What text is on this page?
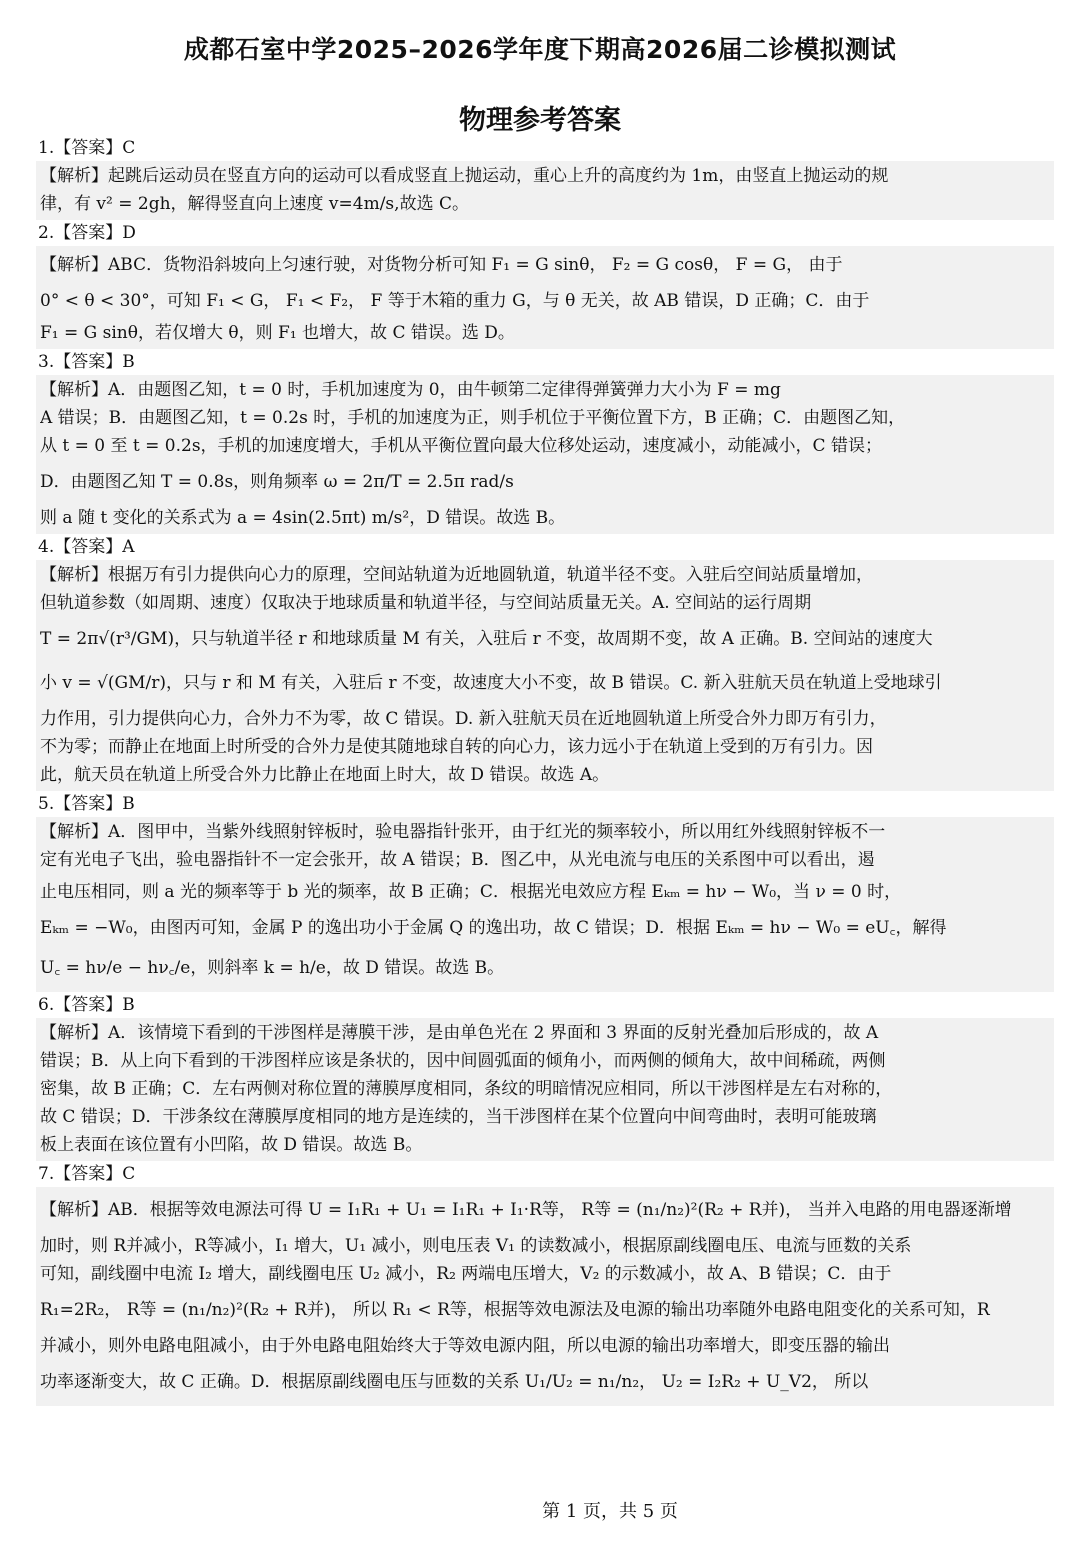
成都石室中学2025–2026学年度下期高2026届二诊模拟测试
物理参考答案
1.【答案】C

【解析】起跳后运动员在竖直方向的运动可以看成竖直上抛运动，重心上升的高度约为 1m，由竖直上抛运动的规

律，有 v² = 2gh，解得竖直向上速度 v=4m/s,故选 C。

2.【答案】D

【解析】ABC．货物沿斜坡向上匀速行驶，对货物分析可知 F₁ = G sinθ， F₂ = G cosθ， F = G， 由于

0° < θ < 30°，可知 F₁ < G， F₁ < F₂， F 等于木箱的重力 G，与 θ 无关，故 AB 错误，D 正确；C．由于

F₁ = G sinθ，若仅增大 θ，则 F₁ 也增大，故 C 错误。选 D。

3.【答案】B

【解析】A．由题图乙知，t = 0 时，手机加速度为 0，由牛顿第二定律得弹簧弹力大小为 F = mg

A 错误；B．由题图乙知，t = 0.2s 时，手机的加速度为正，则手机位于平衡位置下方，B 正确；C．由题图乙知，

从 t = 0 至 t = 0.2s，手机的加速度增大，手机从平衡位置向最大位移处运动，速度减小，动能减小，C 错误；

D．由题图乙知 T = 0.8s，则角频率 ω = 2π/T = 2.5π rad/s

则 a 随 t 变化的关系式为 a = 4sin(2.5πt) m/s²，D 错误。故选 B。

4.【答案】A

【解析】根据万有引力提供向心力的原理，空间站轨道为近地圆轨道，轨道半径不变。入驻后空间站质量增加，

但轨道参数（如周期、速度）仅取决于地球质量和轨道半径，与空间站质量无关。A. 空间站的运行周期

T = 2π√(r³/GM)，只与轨道半径 r 和地球质量 M 有关，入驻后 r 不变，故周期不变，故 A 正确。B. 空间站的速度大

小 v = √(GM/r)，只与 r 和 M 有关，入驻后 r 不变，故速度大小不变，故 B 错误。C. 新入驻航天员在轨道上受地球引

力作用，引力提供向心力，合外力不为零，故 C 错误。D. 新入驻航天员在近地圆轨道上所受合外力即万有引力，

不为零；而静止在地面上时所受的合外力是使其随地球自转的向心力，该力远小于在轨道上受到的万有引力。因

此，航天员在轨道上所受合外力比静止在地面上时大，故 D 错误。故选 A。

5.【答案】B

【解析】A．图甲中，当紫外线照射锌板时，验电器指针张开，由于红光的频率较小，所以用红外线照射锌板不一

定有光电子飞出，验电器指针不一定会张开，故 A 错误；B．图乙中，从光电流与电压的关系图中可以看出，遏

止电压相同，则 a 光的频率等于 b 光的频率，故 B 正确；C．根据光电效应方程 Eₖₘ = hν − W₀，当 ν = 0 时，

Eₖₘ = −W₀，由图丙可知，金属 P 的逸出功小于金属 Q 的逸出功，故 C 错误；D．根据 Eₖₘ = hν − W₀ = eU꜀，解得

U꜀ = hν/e − hν꜀/e，则斜率 k = h/e，故 D 错误。故选 B。

6.【答案】B

【解析】A．该情境下看到的干涉图样是薄膜干涉，是由单色光在 2 界面和 3 界面的反射光叠加后形成的，故 A

错误；B．从上向下看到的干涉图样应该是条状的，因中间圆弧面的倾角小，而两侧的倾角大，故中间稀疏，两侧

密集，故 B 正确；C．左右两侧对称位置的薄膜厚度相同，条纹的明暗情况应相同，所以干涉图样是左右对称的，

故 C 错误；D．干涉条纹在薄膜厚度相同的地方是连续的，当干涉图样在某个位置向中间弯曲时，表明可能玻璃

板上表面在该位置有小凹陷，故 D 错误。故选 B。

7.【答案】C

【解析】AB．根据等效电源法可得 U = I₁R₁ + U₁ = I₁R₁ + I₁·R等， R等 = (n₁/n₂)²(R₂ + R并)， 当并入电路的用电器逐渐增

加时，则 R并减小，R等减小，I₁ 增大，U₁ 减小，则电压表 V₁ 的读数减小，根据原副线圈电压、电流与匝数的关系

可知，副线圈中电流 I₂ 增大，副线圈电压 U₂ 减小，R₂ 两端电压增大，V₂ 的示数减小，故 A、B 错误；C．由于

R₁=2R₂， R等 = (n₁/n₂)²(R₂ + R并)， 所以 R₁ < R等，根据等效电源法及电源的输出功率随外电路电阻变化的关系可知，R

并减小，则外电路电阻减小，由于外电路电阻始终大于等效电源内阻，所以电源的输出功率增大，即变压器的输出

功率逐渐变大，故 C 正确。D．根据原副线圈电压与匝数的关系 U₁/U₂ = n₁/n₂， U₂ = I₂R₂ + U_V2， 所以

第 1 页，共 5 页
